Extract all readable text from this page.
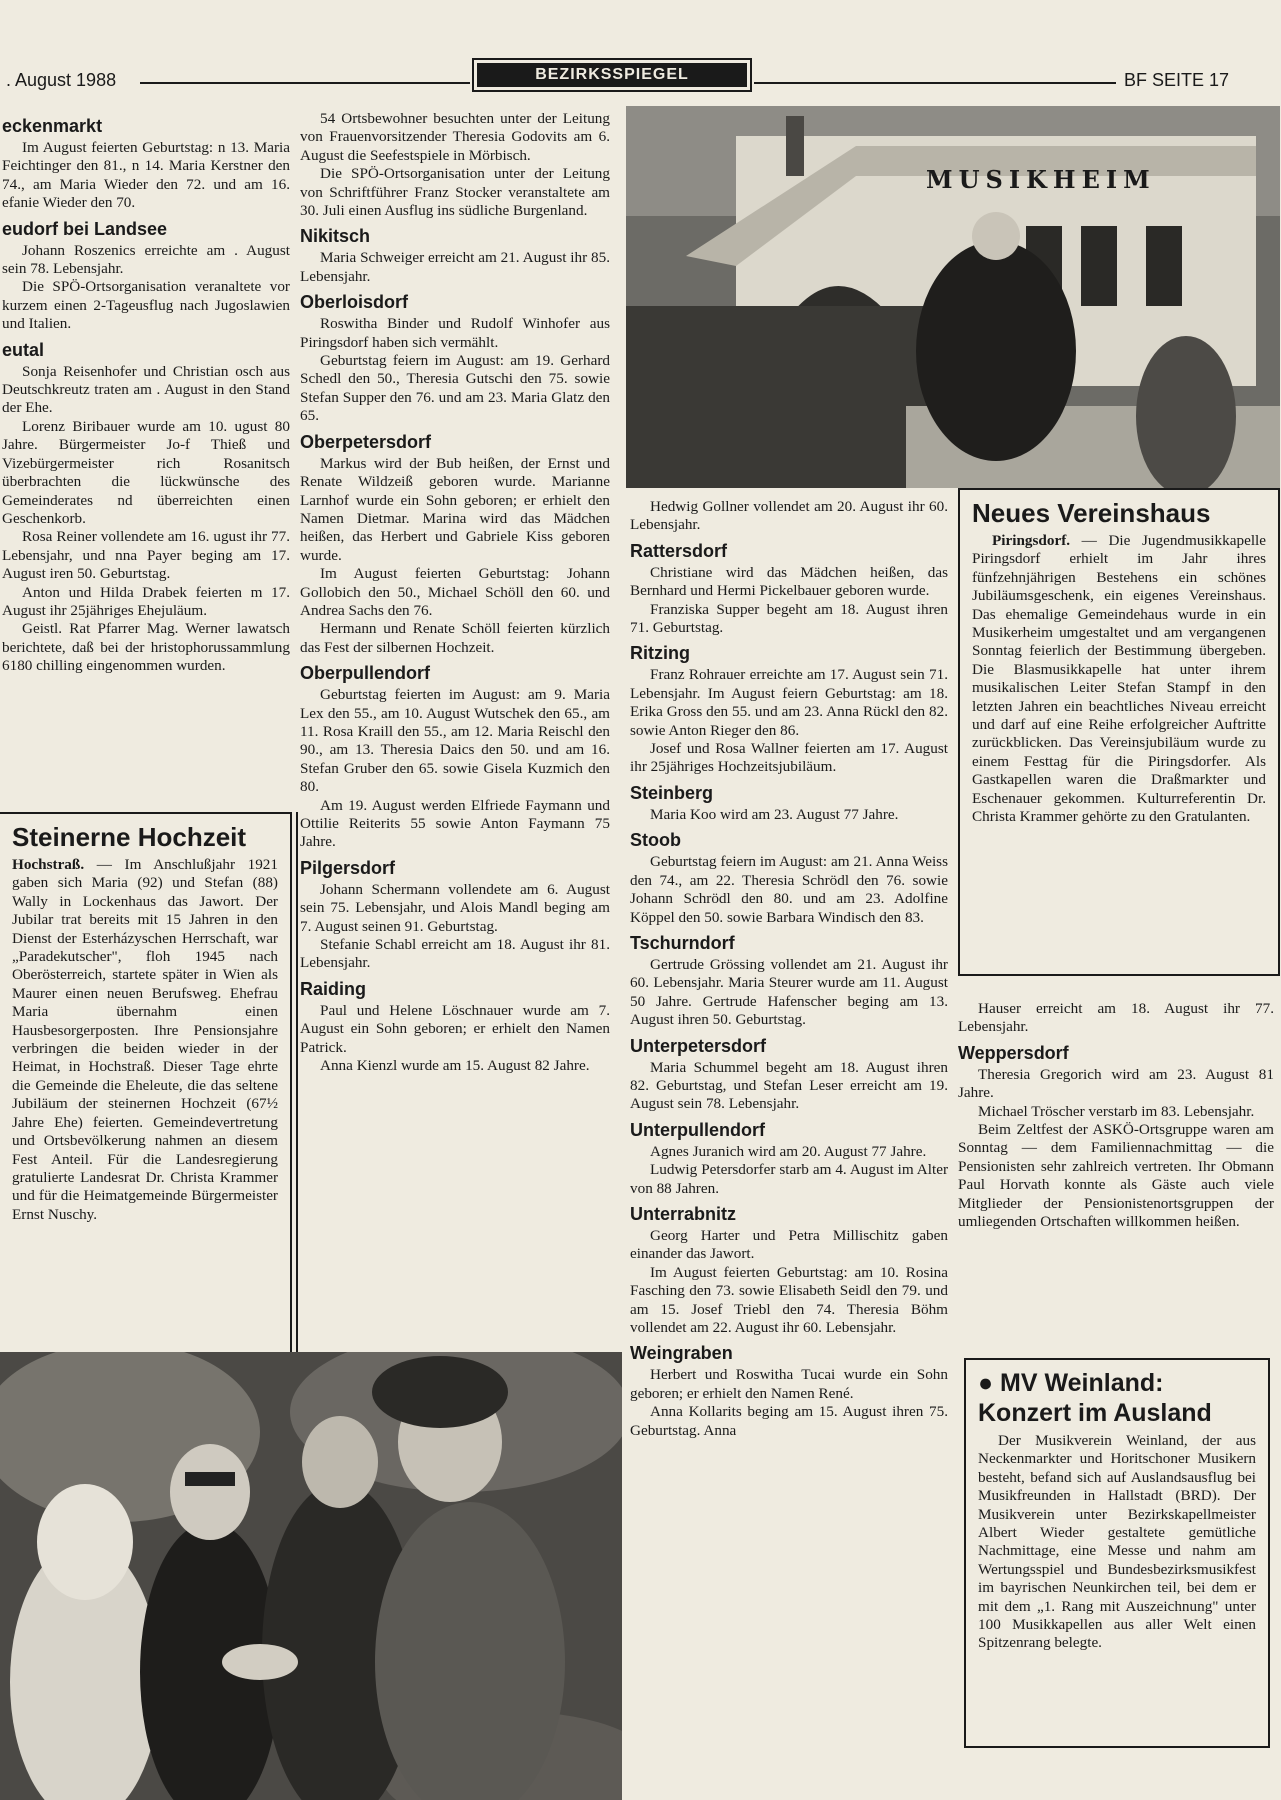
. August 1988	BEZIRKSSPIEGEL	BF SEITE 17
eckenmarkt

Im August feierten Geburtstag: n 13. Maria Feichtinger den 81., n 14. Maria Kerstner den 74., am Maria Wieder den 72. und am 16. efanie Wieder den 70.

eudorf bei Landsee

Johann Roszenics erreichte am . August sein 78. Lebensjahr.

Die SPÖ-Ortsorganisation veranaltete vor kurzem einen 2-Tageusflug nach Jugoslawien und Italien.

eutal

Sonja Reisenhofer und Christian osch aus Deutschkreutz traten am . August in den Stand der Ehe.

Lorenz Biribauer wurde am 10. ugust 80 Jahre. Bürgermeister Jo-f Thieß und Vizebürgermeister rich Rosanitsch überbrachten die lückwünsche des Gemeinderates nd überreichten einen Geschenkorb.

Rosa Reiner vollendete am 16. ugust ihr 77. Lebensjahr, und nna Payer beging am 17. August iren 50. Geburtstag.

Anton und Hilda Drabek feierten m 17. August ihr 25jähriges Ehejuläum.

Geistl. Rat Pfarrer Mag. Werner lawatsch berichtete, daß bei der hristophorussammlung 6180 chilling eingenommen wurden.

Steinerne Hochzeit

Hochstraß. — Im Anschlußjahr 1921 gaben sich Maria (92) und Stefan (88) Wally in Lockenhaus das Jawort. Der Jubilar trat bereits mit 15 Jahren in den Dienst der Esterházyschen Herrschaft, war „Paradekutscher", floh 1945 nach Oberösterreich, startete später in Wien als Maurer einen neuen Berufsweg. Ehefrau Maria übernahm einen Hausbesorgerposten. Ihre Pensionsjahre verbringen die beiden wieder in der Heimat, in Hochstraß. Dieser Tage ehrte die Gemeinde die Eheleute, die das seltene Jubiläum der steinernen Hochzeit (67½ Jahre Ehe) feierten. Gemeindevertretung und Ortsbevölkerung nahmen an diesem Fest Anteil. Für die Landesregierung gratulierte Landesrat Dr. Christa Krammer und für die Heimatgemeinde Bürgermeister Ernst Nuschy.

54 Ortsbewohner besuchten unter der Leitung von Frauenvorsitzender Theresia Godovits am 6. August die Seefestspiele in Mörbisch.

Die SPÖ-Ortsorganisation unter der Leitung von Schriftführer Franz Stocker veranstaltete am 30. Juli einen Ausflug ins südliche Burgenland.

Nikitsch

Maria Schweiger erreicht am 21. August ihr 85. Lebensjahr.

Oberloisdorf

Roswitha Binder und Rudolf Winhofer aus Piringsdorf haben sich vermählt.

Geburtstag feiern im August: am 19. Gerhard Schedl den 50., Theresia Gutschi den 75. sowie Stefan Supper den 76. und am 23. Maria Glatz den 65.

Oberpetersdorf

Markus wird der Bub heißen, der Ernst und Renate Wildzeiß geboren wurde. Marianne Larnhof wurde ein Sohn geboren; er erhielt den Namen Dietmar. Marina wird das Mädchen heißen, das Herbert und Gabriele Kiss geboren wurde.

Im August feierten Geburtstag: Johann Gollobich den 50., Michael Schöll den 60. und Andrea Sachs den 76.

Hermann und Renate Schöll feierten kürzlich das Fest der silbernen Hochzeit.

Oberpullendorf

Geburtstag feierten im August: am 9. Maria Lex den 55., am 10. August Wutschek den 65., am 11. Rosa Kraill den 55., am 12. Maria Reischl den 90., am 13. Theresia Daics den 50. und am 16. Stefan Gruber den 65. sowie Gisela Kuzmich den 80.

Am 19. August werden Elfriede Faymann und Ottilie Reiterits 55 sowie Anton Faymann 75 Jahre.

Pilgersdorf

Johann Schermann vollendete am 6. August sein 75. Lebensjahr, und Alois Mandl beging am 7. August seinen 91. Geburtstag.

Stefanie Schabl erreicht am 18. August ihr 81. Lebensjahr.

Raiding

Paul und Helene Löschnauer wurde am 7. August ein Sohn geboren; er erhielt den Namen Patrick.

Anna Kienzl wurde am 15. August 82 Jahre.

MUSIKHEIM

Hedwig Gollner vollendet am 20. August ihr 60. Lebensjahr.

Rattersdorf

Christiane wird das Mädchen heißen, das Bernhard und Hermi Pickelbauer geboren wurde.

Franziska Supper begeht am 18. August ihren 71. Geburtstag.

Ritzing

Franz Rohrauer erreichte am 17. August sein 71. Lebensjahr. Im August feiern Geburtstag: am 18. Erika Gross den 55. und am 23. Anna Rückl den 82. sowie Anton Rieger den 86.

Josef und Rosa Wallner feierten am 17. August ihr 25jähriges Hochzeitsjubiläum.

Steinberg

Maria Koo wird am 23. August 77 Jahre.

Stoob

Geburtstag feiern im August: am 21. Anna Weiss den 74., am 22. Theresia Schrödl den 76. sowie Johann Schrödl den 80. und am 23. Adolfine Köppel den 50. sowie Barbara Windisch den 83.

Tschurndorf

Gertrude Grössing vollendet am 21. August ihr 60. Lebensjahr. Maria Steurer wurde am 11. August 50 Jahre. Gertrude Hafenscher beging am 13. August ihren 50. Geburtstag.

Unterpetersdorf

Maria Schummel begeht am 18. August ihren 82. Geburtstag, und Stefan Leser erreicht am 19. August sein 78. Lebensjahr.

Unterpullendorf

Agnes Juranich wird am 20. August 77 Jahre.

Ludwig Petersdorfer starb am 4. August im Alter von 88 Jahren.

Unterrabnitz

Georg Harter und Petra Millischitz gaben einander das Jawort.

Im August feierten Geburtstag: am 10. Rosina Fasching den 73. sowie Elisabeth Seidl den 79. und am 15. Josef Triebl den 74. Theresia Böhm vollendet am 22. August ihr 60. Lebensjahr.

Weingraben

Herbert und Roswitha Tucai wurde ein Sohn geboren; er erhielt den Namen René.

Anna Kollarits beging am 15. August ihren 75. Geburtstag. Anna

Neues Vereinshaus

Piringsdorf. — Die Jugendmusikkapelle Piringsdorf erhielt im Jahr ihres fünfzehnjährigen Bestehens ein schönes Jubiläumsgeschenk, ein eigenes Vereinshaus. Das ehemalige Gemeindehaus wurde in ein Musikerheim umgestaltet und am vergangenen Sonntag feierlich der Bestimmung übergeben. Die Blasmusikkapelle hat unter ihrem musikalischen Leiter Stefan Stampf in den letzten Jahren ein beachtliches Niveau erreicht und darf auf eine Reihe erfolgreicher Auftritte zurückblicken. Das Vereinsjubiläum wurde zu einem Festtag für die Piringsdorfer. Als Gastkapellen waren die Draßmarkter und Eschenauer gekommen. Kulturreferentin Dr. Christa Krammer gehörte zu den Gratulanten.

Hauser erreicht am 18. August ihr 77. Lebensjahr.

Weppersdorf

Theresia Gregorich wird am 23. August 81 Jahre.

Michael Tröscher verstarb im 83. Lebensjahr.

Beim Zeltfest der ASKÖ-Ortsgruppe waren am Sonntag — dem Familiennachmittag — die Pensionisten sehr zahlreich vertreten. Ihr Obmann Paul Horvath konnte als Gäste auch viele Mitglieder der Pensionistenortsgruppen der umliegenden Ortschaften willkommen heißen.

● MV Weinland:
Konzert im Ausland

Der Musikverein Weinland, der aus Neckenmarkter und Horitschoner Musikern besteht, befand sich auf Auslandsausflug bei Musikfreunden in Hallstadt (BRD). Der Musikverein unter Bezirkskapellmeister Albert Wieder gestaltete gemütliche Nachmittage, eine Messe und nahm am Wertungsspiel und Bundesbezirksmusikfest im bayrischen Neunkirchen teil, bei dem er mit dem „1. Rang mit Auszeichnung" unter 100 Musikkapellen aus aller Welt einen Spitzenrang belegte.
